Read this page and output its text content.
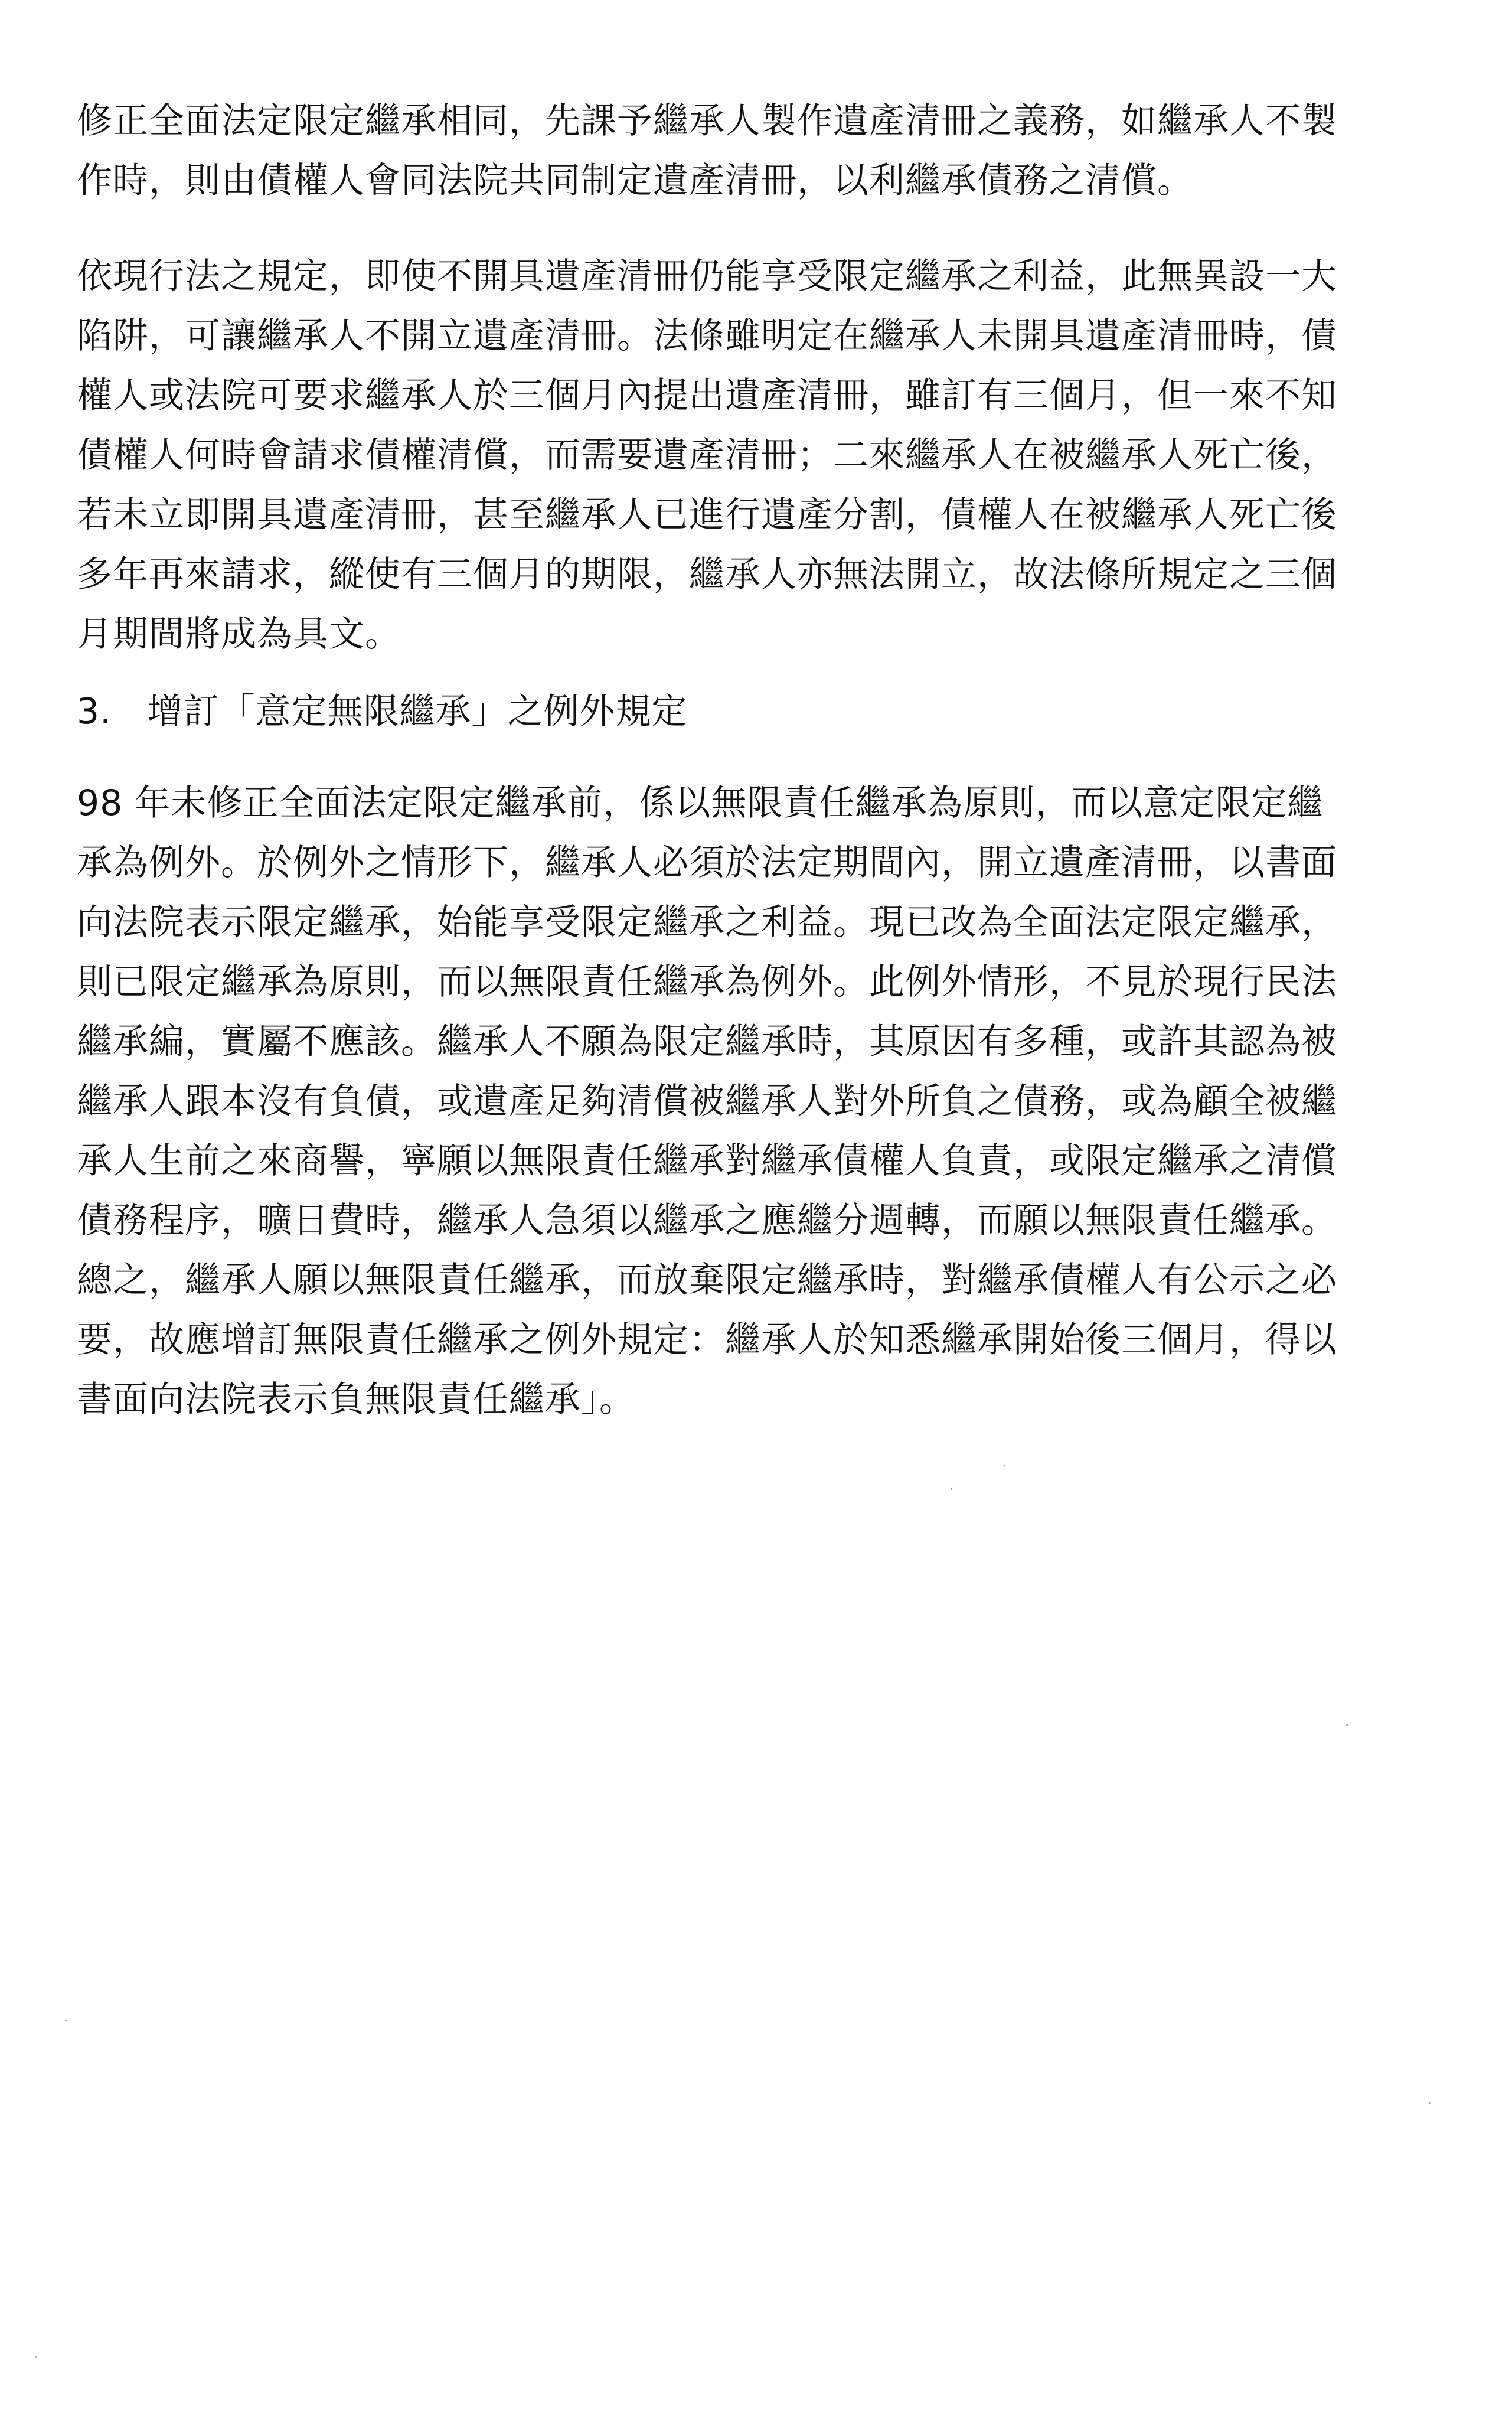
修正全面法定限定繼承相同，先課予繼承人製作遺產清冊之義務，如繼承人不製
作時，則由債權人會同法院共同制定遺產清冊，以利繼承債務之清償。
依現行法之規定，即使不開具遺產清冊仍能享受限定繼承之利益，此無異設一大
陷阱，可讓繼承人不開立遺產清冊。法條雖明定在繼承人未開具遺產清冊時，債
權人或法院可要求繼承人於三個月內提出遺產清冊，雖訂有三個月，但一來不知
債權人何時會請求債權清償，而需要遺產清冊；二來繼承人在被繼承人死亡後，
若未立即開具遺產清冊，甚至繼承人已進行遺產分割，債權人在被繼承人死亡後
多年再來請求，縱使有三個月的期限，繼承人亦無法開立，故法條所規定之三個
月期間將成為具文。
3. 增訂「意定無限繼承」之例外規定
98 年未修正全面法定限定繼承前，係以無限責任繼承為原則，而以意定限定繼
承為例外。於例外之情形下，繼承人必須於法定期間內，開立遺產清冊，以書面
向法院表示限定繼承，始能享受限定繼承之利益。現已改為全面法定限定繼承，
則已限定繼承為原則，而以無限責任繼承為例外。此例外情形，不見於現行民法
繼承編，實屬不應該。繼承人不願為限定繼承時，其原因有多種，或許其認為被
繼承人跟本沒有負債，或遺產足夠清償被繼承人對外所負之債務，或為顧全被繼
承人生前之來商譽，寧願以無限責任繼承對繼承債權人負責，或限定繼承之清償
債務程序，曠日費時，繼承人急須以繼承之應繼分週轉，而願以無限責任繼承。
總之，繼承人願以無限責任繼承，而放棄限定繼承時，對繼承債權人有公示之必
要，故應增訂無限責任繼承之例外規定：繼承人於知悉繼承開始後三個月，得以
書面向法院表示負無限責任繼承」。
